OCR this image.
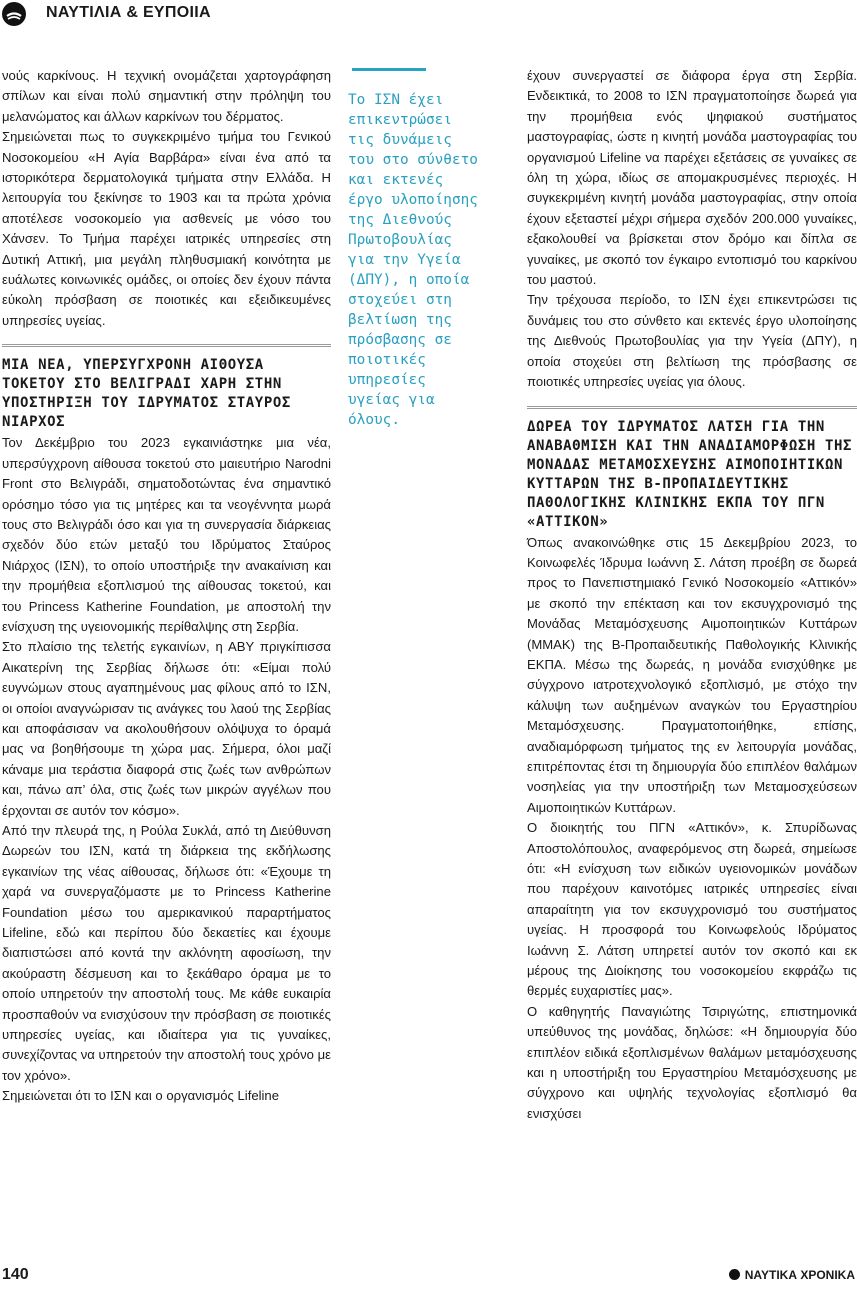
ΝΑΥΤΙΛΙΑ & ΕΥΠΟΙΙΑ

νούς καρκίνους. Η τεχνική ονομάζεται χαρτογράφηση σπίλων και είναι πολύ σημαντική στην πρόληψη του μελανώματος και άλλων καρκίνων του δέρματος.

Σημειώνεται πως το συγκεκριμένο τμήμα του Γενικού Νοσοκομείου «Η Αγία Βαρβάρα» είναι ένα από τα ιστορικότερα δερματολογικά τμήματα στην Ελλάδα. Η λειτουργία του ξεκίνησε το 1903 και τα πρώτα χρόνια αποτέλεσε νοσοκομείο για ασθενείς με νόσο του Χάνσεν. Το Τμήμα παρέχει ιατρικές υπηρεσίες στη Δυτική Αττική, μια μεγάλη πληθυσμιακή κοινότητα με ευάλωτες κοινωνικές ομάδες, οι οποίες δεν έχουν πάντα εύκολη πρόσβαση σε ποιοτικές και εξειδικευμένες υπηρεσίες υγείας.

ΜΙΑ ΝΕΑ, ΥΠΕΡΣΥΓΧΡΟΝΗ ΑΙΘΟΥΣΑ ΤΟΚΕΤΟΥ ΣΤΟ ΒΕΛΙΓΡΑΔΙ ΧΑΡΗ ΣΤΗΝ ΥΠΟΣΤΗΡΙΞΗ ΤΟΥ ΙΔΡΥΜΑΤΟΣ ΣΤΑΥΡΟΣ ΝΙΑΡΧΟΣ

Τον Δεκέμβριο του 2023 εγκαινιάστηκε μια νέα, υπερσύγχρονη αίθουσα τοκετού στο μαιευτήριο Narodni Front στο Βελιγράδι, σηματοδοτώντας ένα σημαντικό ορόσημο τόσο για τις μητέρες και τα νεογέννητα μωρά τους στο Βελιγράδι όσο και για τη συνεργασία διάρκειας σχεδόν δύο ετών μεταξύ του Ιδρύματος Σταύρος Νιάρχος (ΙΣΝ), το οποίο υποστήριξε την ανακαίνιση και την προμήθεια εξοπλισμού της αίθουσας τοκετού, και του Princess Katherine Foundation, με αποστολή την ενίσχυση της υγειονομικής περίθαλψης στη Σερβία.

Στο πλαίσιο της τελετής εγκαινίων, η ΑΒΥ πριγκίπισσα Αικατερίνη της Σερβίας δήλωσε ότι: «Είμαι πολύ ευγνώμων στους αγαπημένους μας φίλους από το ΙΣΝ, οι οποίοι αναγνώρισαν τις ανάγκες του λαού της Σερβίας και αποφάσισαν να ακολουθήσουν ολόψυχα το όραμά μας να βοηθήσουμε τη χώρα μας. Σήμερα, όλοι μαζί κάναμε μια τεράστια διαφορά στις ζωές των ανθρώπων και, πάνω απ’ όλα, στις ζωές των μικρών αγγέλων που έρχονται σε αυτόν τον κόσμο».

Από την πλευρά της, η Ρούλα Συκλά, από τη Διεύθυνση Δωρεών του ΙΣΝ, κατά τη διάρκεια της εκδήλωσης εγκαινίων της νέας αίθουσας, δήλωσε ότι: «Έχουμε τη χαρά να συνεργαζόμαστε με το Princess Katherine Foundation μέσω του αμερικανικού παραρτήματος Lifeline, εδώ και περίπου δύο δεκαετίες και έχουμε διαπιστώσει από κοντά την ακλόνητη αφοσίωση, την ακούραστη δέσμευση και το ξεκάθαρο όραμα με το οποίο υπηρετούν την αποστολή τους. Με κάθε ευκαιρία προσπαθούν να ενισχύσουν την πρόσβαση σε ποιοτικές υπηρεσίες υγείας, και ιδιαίτερα για τις γυναίκες, συνεχίζοντας να υπηρετούν την αποστολή τους χρόνο με τον χρόνο».

Σημειώνεται ότι το ΙΣΝ και ο οργανισμός Lifeline

Το ΙΣΝ έχει
επικεντρώσει
τις δυνάμεις
του στο σύνθετο
και εκτενές
έργο υλοποίησης
της Διεθνούς
Πρωτοβουλίας
για την Υγεία
(ΔΠΥ), η οποία
στοχεύει στη
βελτίωση της
πρόσβασης σε
ποιοτικές
υπηρεσίες
υγείας για
όλους.

έχουν συνεργαστεί σε διάφορα έργα στη Σερβία. Ενδεικτικά, το 2008 το ΙΣΝ πραγματοποίησε δωρεά για την προμήθεια ενός ψηφιακού συστήματος μαστογραφίας, ώστε η κινητή μονάδα μαστογραφίας του οργανισμού Lifeline να παρέχει εξετάσεις σε γυναίκες σε όλη τη χώρα, ιδίως σε απομακρυσμένες περιοχές. Η συγκεκριμένη κινητή μονάδα μαστογραφίας, στην οποία έχουν εξεταστεί μέχρι σήμερα σχεδόν 200.000 γυναίκες, εξακολουθεί να βρίσκεται στον δρόμο και δίπλα σε γυναίκες, με σκοπό τον έγκαιρο εντοπισμό του καρκίνου του μαστού.

Την τρέχουσα περίοδο, το ΙΣΝ έχει επικεντρώσει τις δυνάμεις του στο σύνθετο και εκτενές έργο υλοποίησης της Διεθνούς Πρωτοβουλίας για την Υγεία (ΔΠΥ), η οποία στοχεύει στη βελτίωση της πρόσβασης σε ποιοτικές υπηρεσίες υγείας για όλους.

ΔΩΡΕΑ ΤΟΥ ΙΔΡΥΜΑΤΟΣ ΛΑΤΣΗ ΓΙΑ ΤΗΝ ΑΝΑΒΑΘΜΙΣΗ ΚΑΙ ΤΗΝ ΑΝΑΔΙΑΜΟΡΦΩΣΗ ΤΗΣ ΜΟΝΑΔΑΣ ΜΕΤΑΜΟΣΧΕΥΣΗΣ ΑΙΜΟΠΟΙΗΤΙΚΩΝ ΚΥΤΤΑΡΩΝ ΤΗΣ Β-ΠΡΟΠΑΙΔΕΥΤΙΚΗΣ ΠΑΘΟΛΟΓΙΚΗΣ ΚΛΙΝΙΚΗΣ ΕΚΠΑ ΤΟΥ ΠΓΝ «ΑΤΤΙΚΟΝ»

Όπως ανακοινώθηκε στις 15 Δεκεμβρίου 2023, το Κοινωφελές Ίδρυμα Ιωάννη Σ. Λάτση προέβη σε δωρεά προς το Πανεπιστημιακό Γενικό Νοσοκομείο «Αττικόν» με σκοπό την επέκταση και τον εκσυγχρονισμό της Μονάδας Μεταμόσχευσης Αιμοποιητικών Κυττάρων (ΜΜΑΚ) της Β-Προπαιδευτικής Παθολογικής Κλινικής ΕΚΠΑ. Μέσω της δωρεάς, η μονάδα ενισχύθηκε με σύγχρονο ιατροτεχνολογικό εξοπλισμό, με στόχο την κάλυψη των αυξημένων αναγκών του Εργαστηρίου Μεταμόσχευσης. Πραγματοποιήθηκε, επίσης, αναδιαμόρφωση τμήματος της εν λειτουργία μονάδας, επιτρέποντας έτσι τη δημιουργία δύο επιπλέον θαλάμων νοσηλείας για την υποστήριξη των Μεταμοσχεύσεων Αιμοποιητικών Κυττάρων.

Ο διοικητής του ΠΓΝ «Αττικόν», κ. Σπυρίδωνας Αποστολόπουλος, αναφερόμενος στη δωρεά, σημείωσε ότι: «Η ενίσχυση των ειδικών υγειονομικών μονάδων που παρέχουν καινοτόμες ιατρικές υπηρεσίες είναι απαραίτητη για τον εκσυγχρονισμό του συστήματος υγείας. Η προσφορά του Κοινωφελούς Ιδρύματος Ιωάννη Σ. Λάτση υπηρετεί αυτόν τον σκοπό και εκ μέρους της Διοίκησης του νοσοκομείου εκφράζω τις θερμές ευχαριστίες μας».

Ο καθηγητής Παναγιώτης Τσιριγώτης, επιστημονικά υπεύθυνος της μονάδας, δηλώσε: «Η δημιουργία δύο επιπλέον ειδικά εξοπλισμένων θαλάμων μεταμόσχευσης και η υποστήριξη του Εργαστηρίου Μεταμόσχευσης με σύγχρονο και υψηλής τεχνολογίας εξοπλισμό θα ενισχύσει

140	ΝΑΥΤΙΚΑ ΧΡΟΝΙΚΑ
